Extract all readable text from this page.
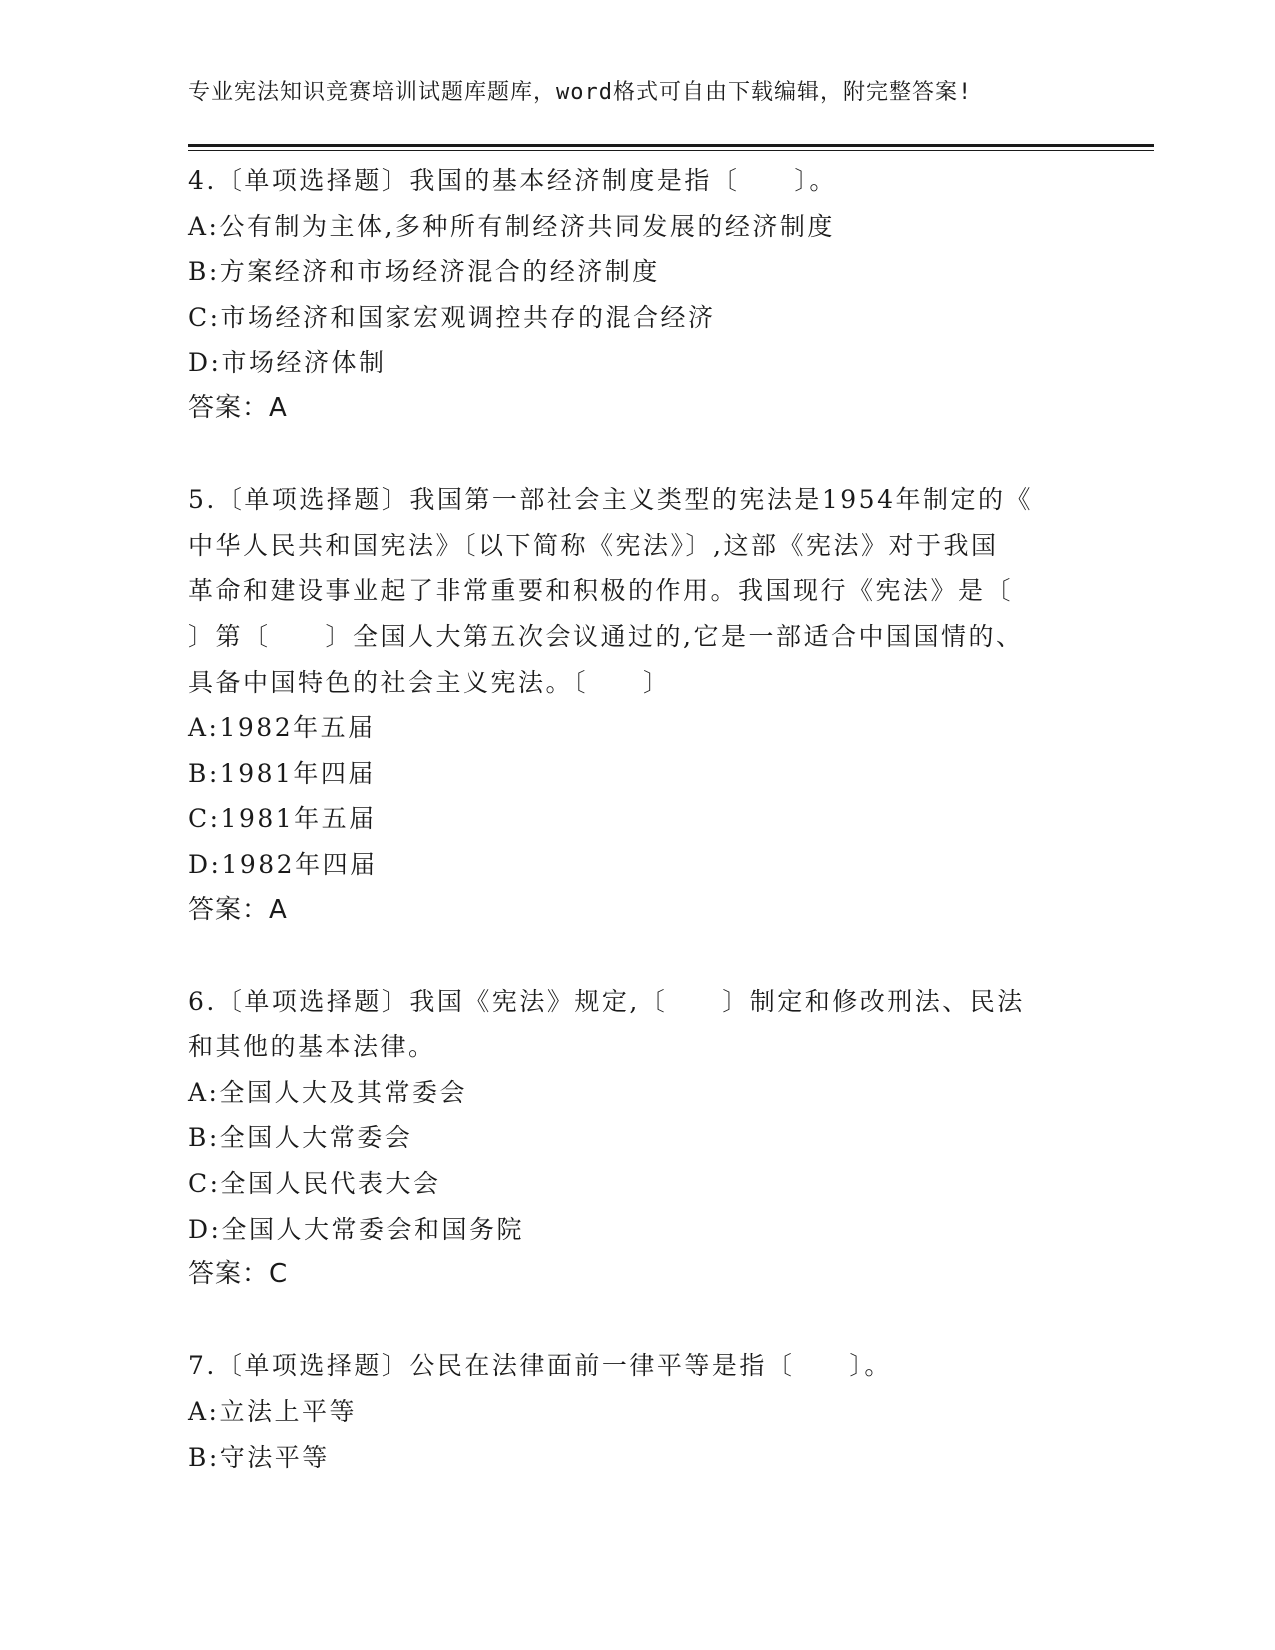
专业宪法知识竞赛培训试题库题库，word格式可自由下载编辑，附完整答案!
4.〔单项选择题〕我国的基本经济制度是指〔　　〕。
A:公有制为主体,多种所有制经济共同发展的经济制度
B:方案经济和市场经济混合的经济制度
C:市场经济和国家宏观调控共存的混合经济
D:市场经济体制
答案：A
5.〔单项选择题〕我国第一部社会主义类型的宪法是1954年制定的《
中华人民共和国宪法》〔以下简称《宪法》〕,这部《宪法》对于我国
革命和建设事业起了非常重要和积极的作用。我国现行《宪法》是〔
〕第〔　　〕全国人大第五次会议通过的,它是一部适合中国国情的、
具备中国特色的社会主义宪法。〔　　〕
A:1982年五届
B:1981年四届
C:1981年五届
D:1982年四届
答案：A
6.〔单项选择题〕我国《宪法》规定,〔　　〕制定和修改刑法、民法
和其他的基本法律。
A:全国人大及其常委会
B:全国人大常委会
C:全国人民代表大会
D:全国人大常委会和国务院
答案：C
7.〔单项选择题〕公民在法律面前一律平等是指〔　　〕。
A:立法上平等
B:守法平等
